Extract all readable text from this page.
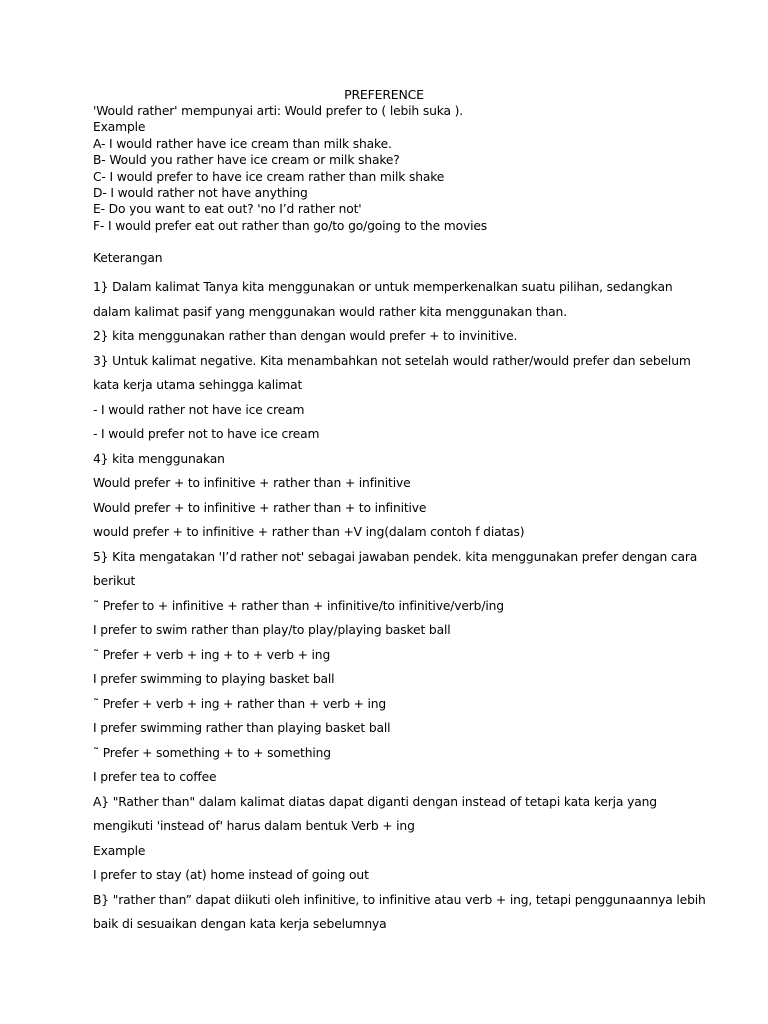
PREFERENCE
'Would rather' mempunyai arti: Would prefer to ( lebih suka ).
Example
A- I would rather have ice cream than milk shake.
B- Would you rather have ice cream or milk shake?
C- I would prefer to have ice cream rather than milk shake
D- I would rather not have anything
E- Do you want to eat out? 'no I’d rather not'
F- I would prefer eat out rather than go/to go/going to the movies
Keterangan
1} Dalam kalimat Tanya kita menggunakan or untuk memperkenalkan suatu pilihan, sedangkan
dalam kalimat pasif yang menggunakan would rather kita menggunakan than.
2} kita menggunakan rather than dengan would prefer + to invinitive.
3} Untuk kalimat negative. Kita menambahkan not setelah would rather/would prefer dan sebelum
kata kerja utama sehingga kalimat
- I would rather not have ice cream
- I would prefer not to have ice cream
4} kita menggunakan
Would prefer + to infinitive + rather than + infinitive
Would prefer + to infinitive + rather than + to infinitive
would prefer + to infinitive + rather than +V ing(dalam contoh f diatas)
5} Kita mengatakan 'I’d rather not' sebagai jawaban pendek. kita menggunakan prefer dengan cara
berikut
˜ Prefer to + infinitive + rather than + infinitive/to infinitive/verb/ing
I prefer to swim rather than play/to play/playing basket ball
˜ Prefer + verb + ing + to + verb + ing
I prefer swimming to playing basket ball
˜ Prefer + verb + ing + rather than + verb + ing
I prefer swimming rather than playing basket ball
˜ Prefer + something + to + something
I prefer tea to coffee
A} "Rather than" dalam kalimat diatas dapat diganti dengan instead of tetapi kata kerja yang
mengikuti 'instead of' harus dalam bentuk Verb + ing
Example
I prefer to stay (at) home instead of going out
B} "rather than” dapat diikuti oleh infinitive, to infinitive atau verb + ing, tetapi penggunaannya lebih
baik di sesuaikan dengan kata kerja sebelumnya
